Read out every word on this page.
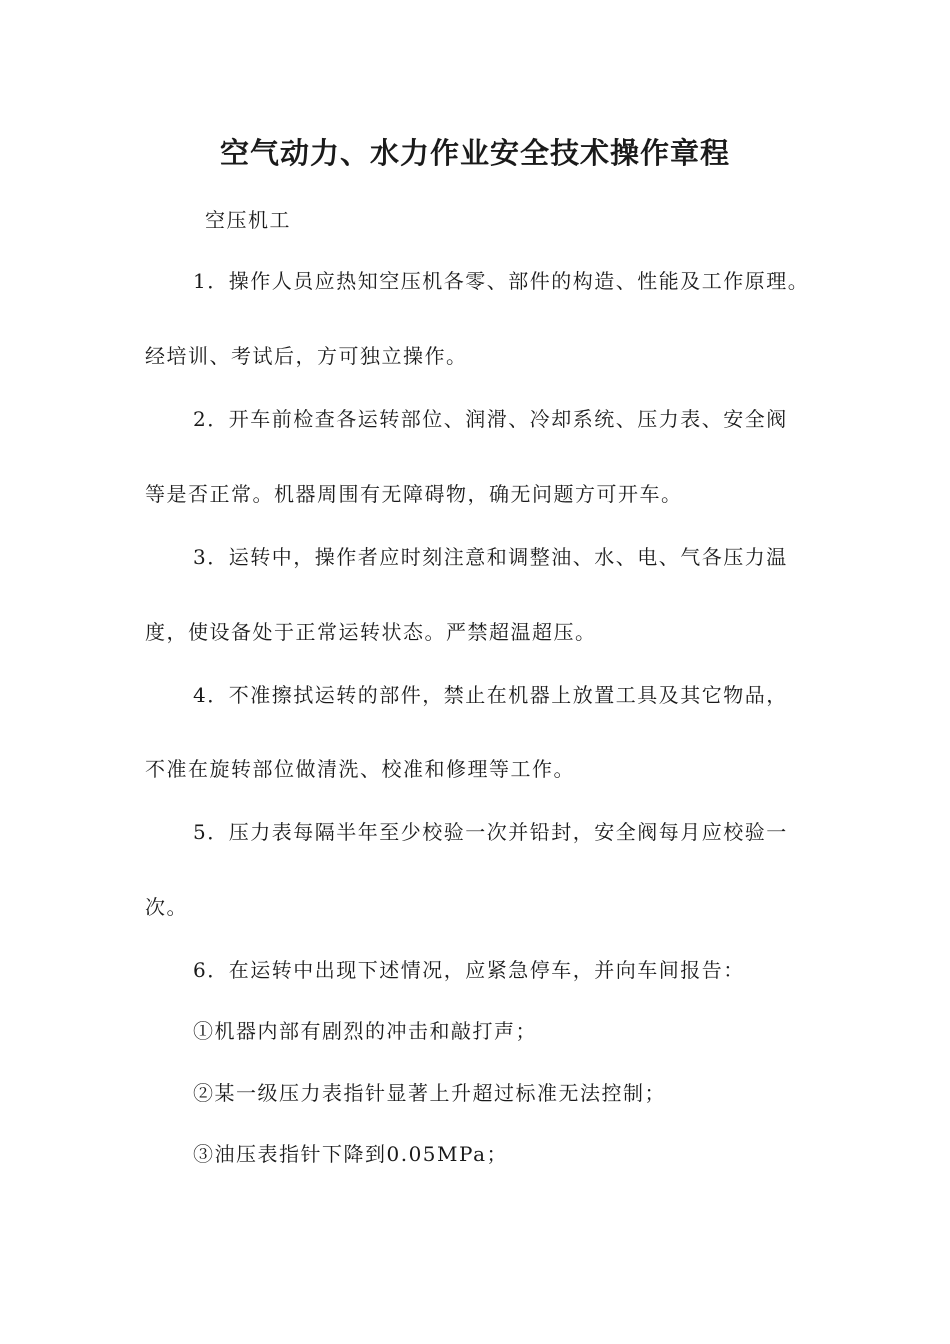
空气动力、水力作业安全技术操作章程
空压机工
1．操作人员应热知空压机各零、部件的构造、性能及工作原理。
经培训、考试后，方可独立操作。
2．开车前检查各运转部位、润滑、冷却系统、压力表、安全阀
等是否正常。机器周围有无障碍物，确无问题方可开车。
3．运转中，操作者应时刻注意和调整油、水、电、气各压力温
度，使设备处于正常运转状态。严禁超温超压。
4．不准擦拭运转的部件，禁止在机器上放置工具及其它物品，
不准在旋转部位做清洗、校准和修理等工作。
5．压力表每隔半年至少校验一次并铅封，安全阀每月应校验一
次。
6．在运转中出现下述情况，应紧急停车，并向车间报告：
①机器内部有剧烈的冲击和敲打声；
②某一级压力表指针显著上升超过标准无法控制；
③油压表指针下降到0.05MPa；
